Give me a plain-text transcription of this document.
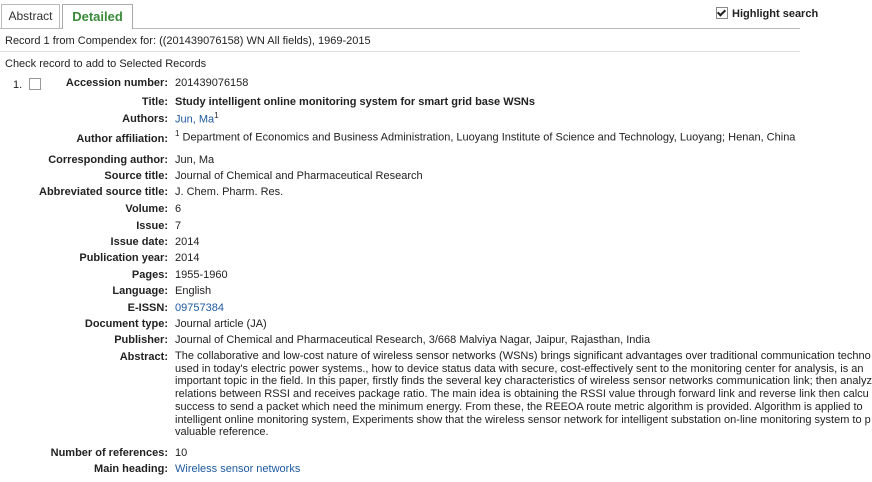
Abstract	Detailed	Highlight search
Record 1 from Compendex for: ((201439076158) WN All fields), 1969-2015
Check record to add to Selected Records
1.	Accession number: 201439076158
Title: Study intelligent online monitoring system for smart grid base WSNs
Authors: Jun, Ma$^1$
Author affiliation: $^1$ Department of Economics and Business Administration, Luoyang Institute of Science and Technology, Luoyang; Henan, China
Corresponding author: Jun, Ma
Source title: Journal of Chemical and Pharmaceutical Research
Abbreviated source title: J. Chem. Pharm. Res.
Volume: 6
Issue: 7
Issue date: 2014
Publication year: 2014
Pages: 1955-1960
Language: English
E-ISSN: 09757384
Document type: Journal article (JA)
Publisher: Journal of Chemical and Pharmaceutical Research, 3/668 Malviya Nagar, Jaipur, Rajasthan, India
Abstract: The collaborative and low-cost nature of wireless sensor networks (WSNs) brings significant advantages over traditional communication techno
used in today's electric power systems., how to device status data with secure, cost-effectively sent to the monitoring center for analysis, is an
important topic in the field. In this paper, firstly finds the several key characteristics of wireless sensor networks communication link; then analyz
relations between RSSI and receives package ratio. The main idea is obtaining the RSSI value through forward link and reverse link then calcu
success to send a packet which need the minimum energy. From these, the REEOA route metric algorithm is provided. Algorithm is applied to
intelligent online monitoring system, Experiments show that the wireless sensor network for intelligent substation on-line monitoring system to p
valuable reference.
Number of references: 10
Main heading: Wireless sensor networks
